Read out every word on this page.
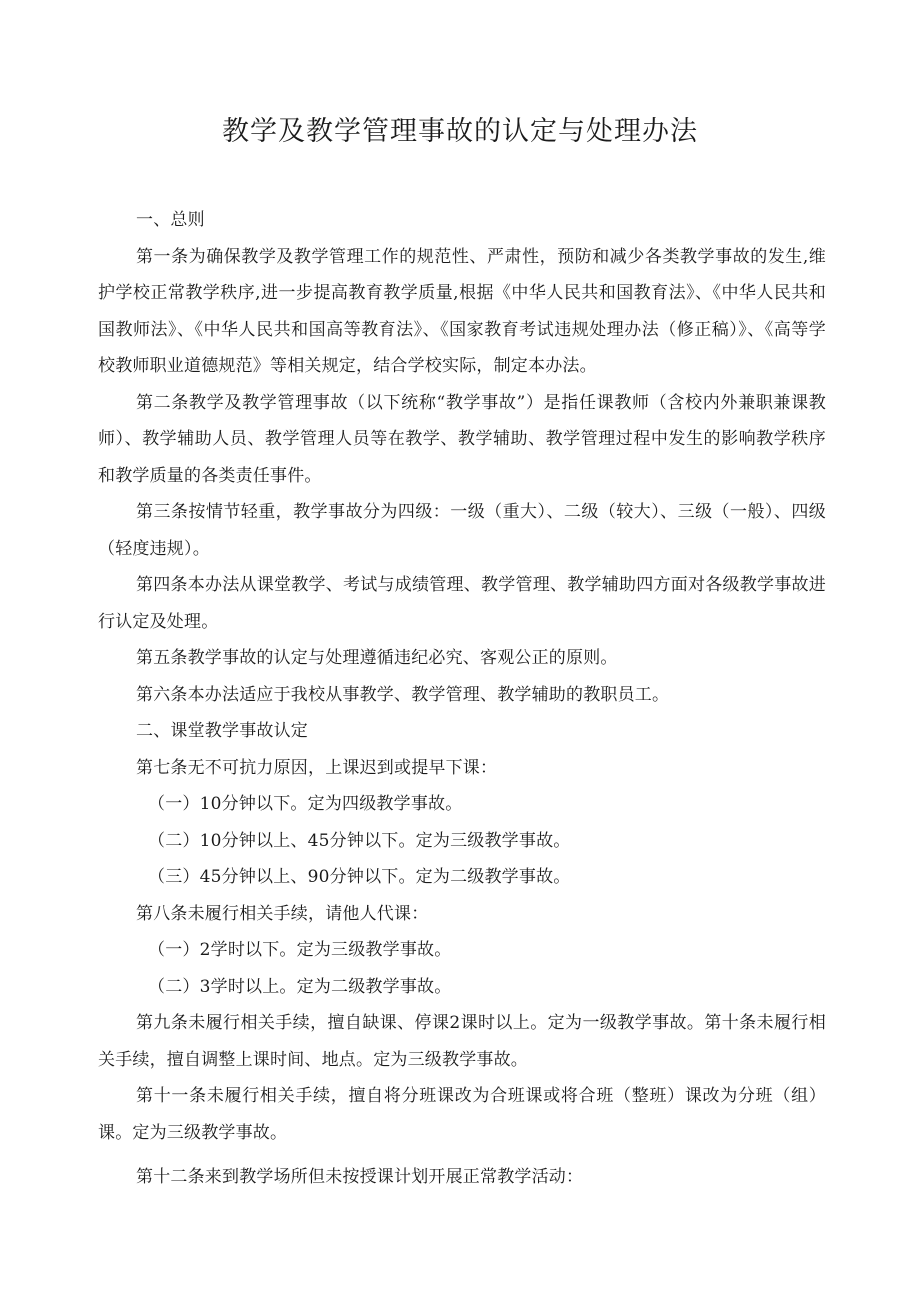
教学及教学管理事故的认定与处理办法

一、总则

第一条为确保教学及教学管理工作的规范性、严肃性，预防和减少各类教学事故的发生,维护学校正常教学秩序,进一步提高教育教学质量,根据《中华人民共和国教育法》、《中华人民共和国教师法》、《中华人民共和国高等教育法》、《国家教育考试违规处理办法（修正稿）》、《高等学校教师职业道德规范》等相关规定，结合学校实际，制定本办法。

第二条教学及教学管理事故（以下统称“教学事故”）是指任课教师（含校内外兼职兼课教师）、教学辅助人员、教学管理人员等在教学、教学辅助、教学管理过程中发生的影响教学秩序和教学质量的各类责任事件。

第三条按情节轻重，教学事故分为四级：一级（重大）、二级（较大）、三级（一般）、四级（轻度违规）。

第四条本办法从课堂教学、考试与成绩管理、教学管理、教学辅助四方面对各级教学事故进行认定及处理。

第五条教学事故的认定与处理遵循违纪必究、客观公正的原则。

第六条本办法适应于我校从事教学、教学管理、教学辅助的教职员工。

二、课堂教学事故认定

第七条无不可抗力原因，上课迟到或提早下课：

（一）10分钟以下。定为四级教学事故。

（二）10分钟以上、45分钟以下。定为三级教学事故。

（三）45分钟以上、90分钟以下。定为二级教学事故。

第八条未履行相关手续，请他人代课：

（一）2学时以下。定为三级教学事故。

（二）3学时以上。定为二级教学事故。

第九条未履行相关手续，擅自缺课、停课2课时以上。定为一级教学事故。第十条未履行相关手续，擅自调整上课时间、地点。定为三级教学事故。

第十一条未履行相关手续，擅自将分班课改为合班课或将合班（整班）课改为分班（组）课。定为三级教学事故。

第十二条来到教学场所但未按授课计划开展正常教学活动：
